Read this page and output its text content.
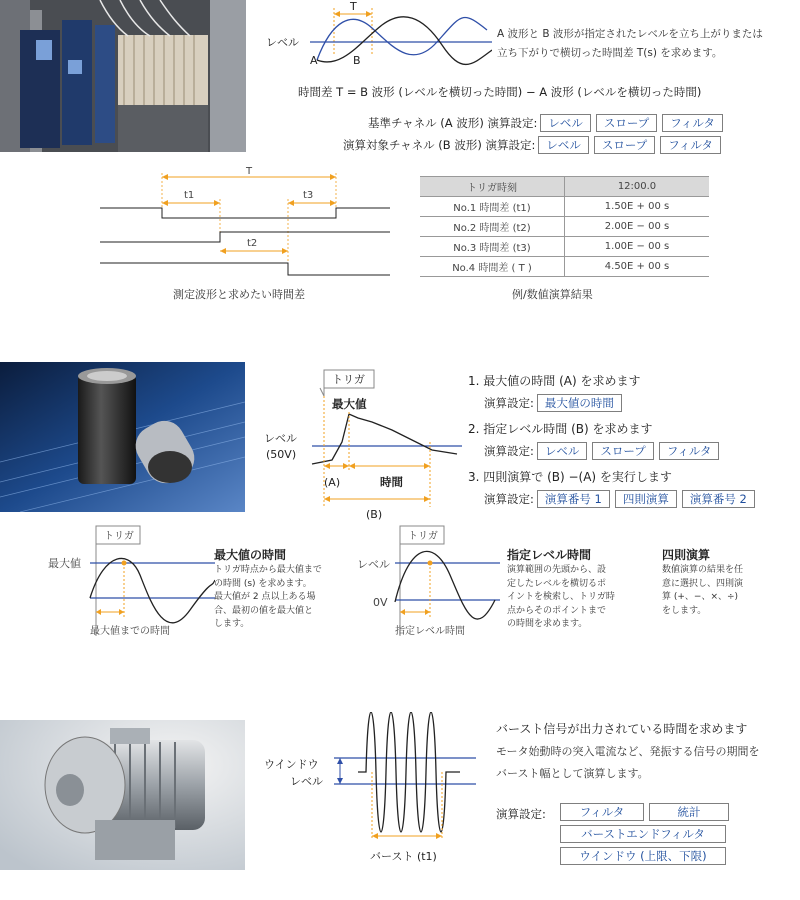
T
レベル
A	B
A 波形と B 波形が指定されたレベルを立ち上がりまたは
立ち下がりで横切った時間差 T(s) を求めます。
時間差 T = B 波形 (レベルを横切った時間) − A 波形 (レベルを横切った時間)
基準チャネル (A 波形) 演算設定: レベル	スロープ	フィルタ
演算対象チャネル (B 波形) 演算設定: レベル	スロープ	フィルタ
T
t1	t3
t2
測定波形と求めたい時間差
トリガ時刻	12:00.0
No.1 時間差 (t1)	1.50E + 00 s
No.2 時間差 (t2)	2.00E − 00 s
No.3 時間差 (t3)	1.00E − 00 s
No.4 時間差 ( T )	4.50E + 00 s
例/数値演算結果
トリガ
最大値
レベル
(50V)
(A)	時間
(B)
1. 最大値の時間 (A) を求めます
演算設定: 最大値の時間
2. 指定レベル時間 (B) を求めます
演算設定: レベル	スロープ	フィルタ
3. 四則演算で (B) −(A) を実行します
演算設定: 演算番号 1	四則演算	演算番号 2
トリガ
最大値
最大値までの時間
最大値の時間
トリガ時点から最大値まで
の時間 (s) を求めます。
最大値が 2 点以上ある場
合、最初の値を最大値と
します。
トリガ
レベル
0V
指定レベル時間
指定レベル時間
演算範囲の先頭から、設
定したレベルを横切るポ
イントを検索し、トリガ時
点からそのポイントまで
の時間を求めます。
四則演算
数値演算の結果を任
意に選択し、四則演
算 (+、−、×、÷)
をします。
ウインドウ
レベル
バースト (t1)
バースト信号が出力されている時間を求めます
モータ始動時の突入電流など、発振する信号の期間を
バースト幅として演算します。
演算設定:	フィルタ	統計
バーストエンドフィルタ
ウインドウ (上限、下限)
